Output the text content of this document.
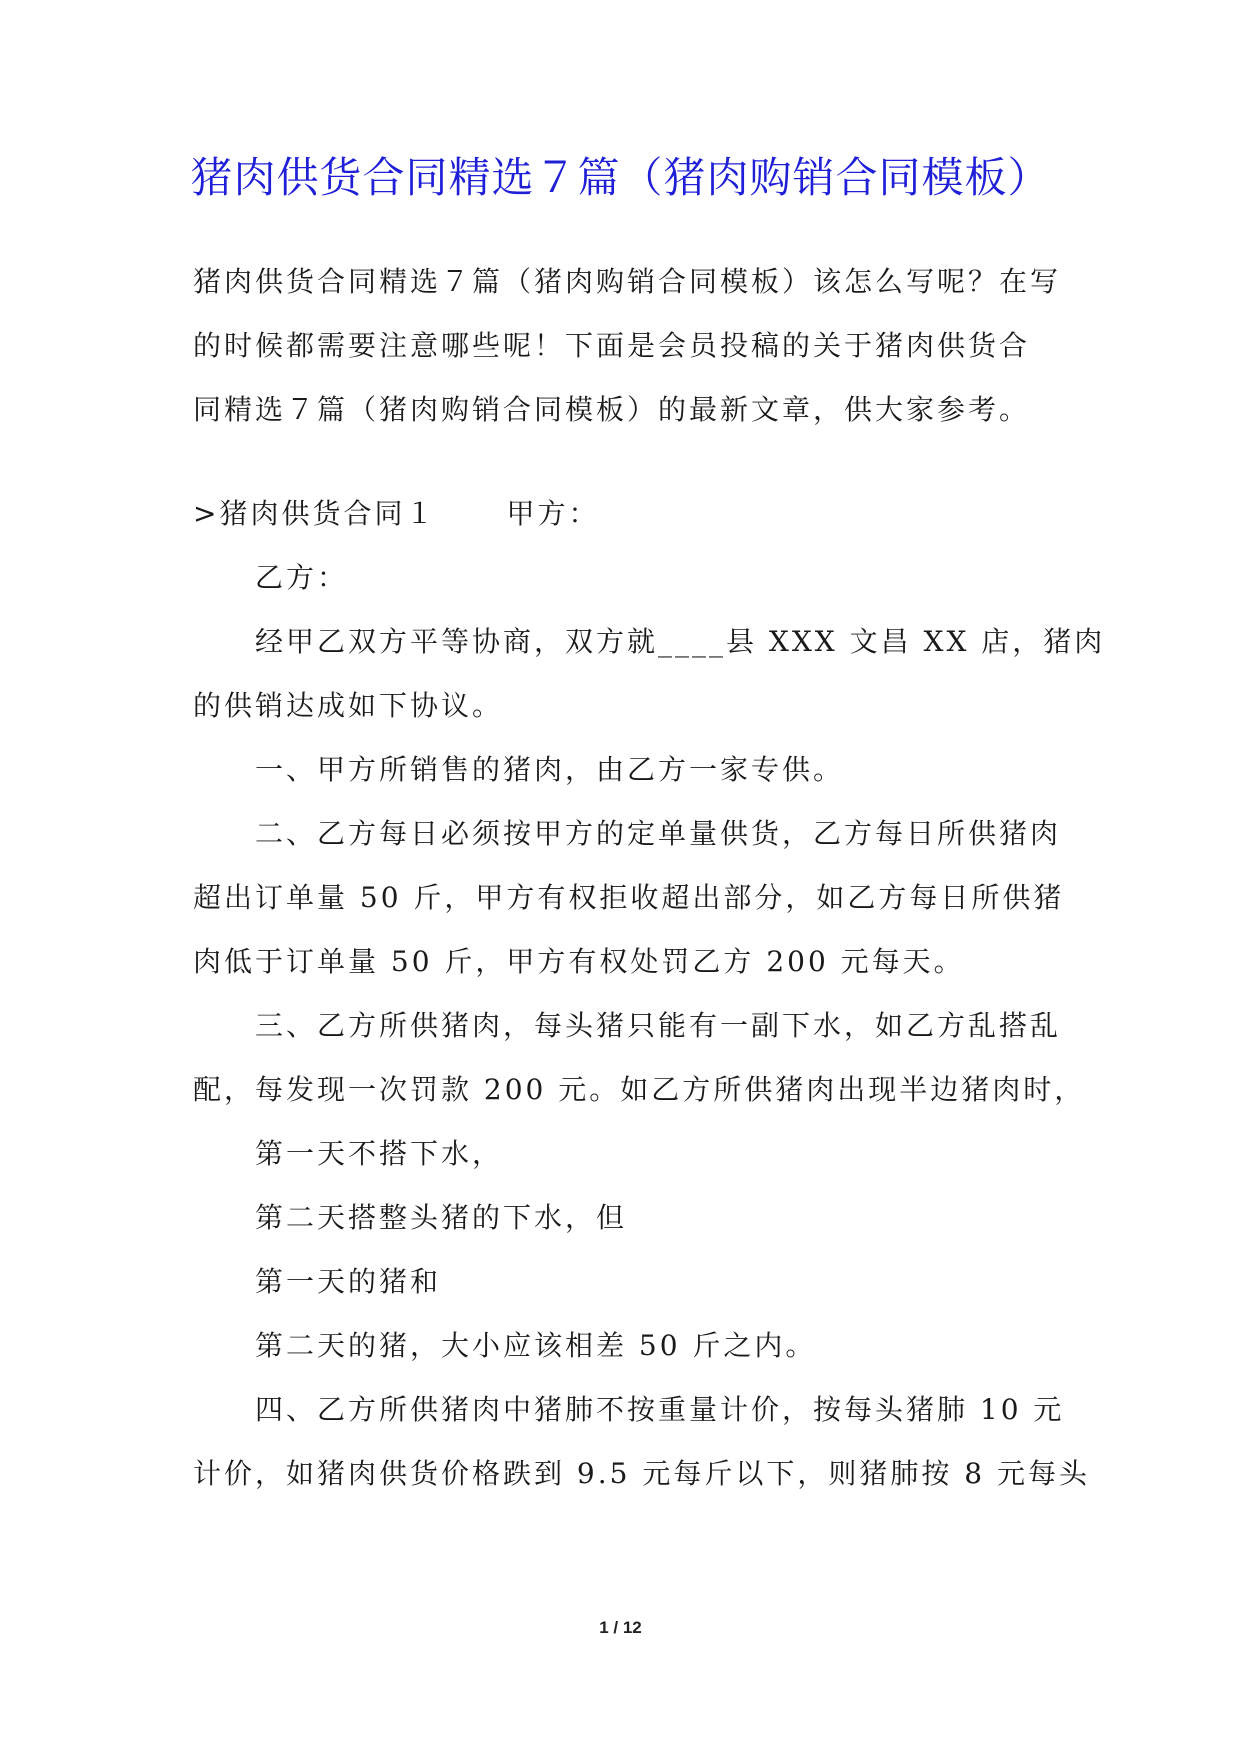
猪肉供货合同精选７篇（猪肉购销合同模板）
猪肉供货合同精选７篇（猪肉购销合同模板）该怎么写呢？在写
的时候都需要注意哪些呢！下面是会员投稿的关于猪肉供货合
同精选７篇（猪肉购销合同模板）的最新文章，供大家参考。
>猪肉供货合同１	甲方：
乙方：
经甲乙双方平等协商，双方就____县 XXX 文昌 XX 店，猪肉
的供销达成如下协议。
一、甲方所销售的猪肉，由乙方一家专供。
二、乙方每日必须按甲方的定单量供货，乙方每日所供猪肉
超出订单量 50 斤，甲方有权拒收超出部分，如乙方每日所供猪
肉低于订单量 50 斤，甲方有权处罚乙方 200 元每天。
三、乙方所供猪肉，每头猪只能有一副下水，如乙方乱搭乱
配，每发现一次罚款 200 元。如乙方所供猪肉出现半边猪肉时，
第一天不搭下水，
第二天搭整头猪的下水，但
第一天的猪和
第二天的猪，大小应该相差 50 斤之内。
四、乙方所供猪肉中猪肺不按重量计价，按每头猪肺 10 元
计价，如猪肉供货价格跌到 9.5 元每斤以下，则猪肺按 8 元每头
1 / 12
